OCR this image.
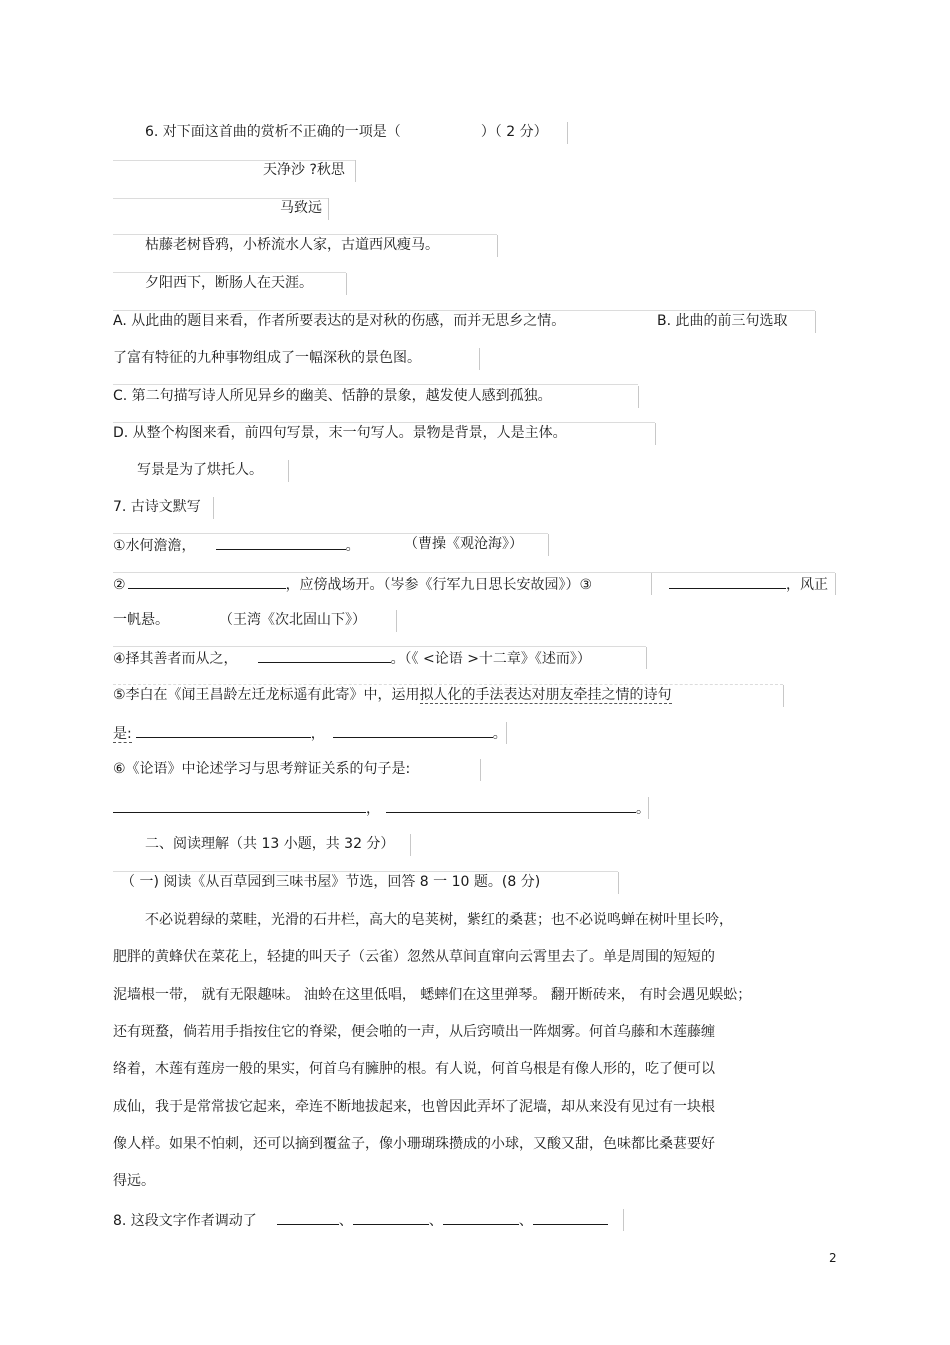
6. 对下面这首曲的赏析不正确的一项是（	）（ 2 分）
天净沙 ?秋思
马致远
枯藤老树昏鸦，小桥流水人家，古道西风瘦马。
夕阳西下，断肠人在天涯。
A. 从此曲的题目来看，作者所要表达的是对秋的伤感，而并无思乡之情。	B. 此曲的前三句选取
了富有特征的九种事物组成了一幅深秋的景色图。
C. 第二句描写诗人所见异乡的幽美、恬静的景象，越发使人感到孤独。
D. 从整个构图来看，前四句写景，末一句写人。景物是背景，人是主体。
写景是为了烘托人。
7. 古诗文默写
①水何澹澹，	。	（曹操《观沧海》）
②	，应傍战场开。（岑参《行军九日思长安故园》）③	，风正
一帆悬。	（王湾《次北固山下》）
④择其善者而从之，	。（《 <论语 >十二章》《述而》）
⑤李白在《闻王昌龄左迁龙标遥有此寄》中，运用拟人化的手法表达对朋友牵挂之情的诗句
是:	，	。
⑥《论语》中论述学习与思考辩证关系的句子是:
，	。
二、阅读理解（共 13 小题，共 32 分）
（ 一) 阅读《从百草园到三味书屋》节选，回答 8 一 10 题。(8 分)
不必说碧绿的菜畦，光滑的石井栏，高大的皂荚树，紫红的桑葚；也不必说鸣蝉在树叶里长吟，
肥胖的黄蜂伏在菜花上，轻捷的叫天子（云雀）忽然从草间直窜向云霄里去了。单是周围的短短的
泥墙根一带， 就有无限趣味。 油蛉在这里低唱， 蟋蟀们在这里弹琴。 翻开断砖来， 有时会遇见蜈蚣；
还有斑蝥，倘若用手指按住它的脊梁，便会啪的一声，从后窍喷出一阵烟雾。何首乌藤和木莲藤缠
络着，木莲有莲房一般的果实，何首乌有臃肿的根。有人说，何首乌根是有像人形的，吃了便可以
成仙，我于是常常拔它起来，牵连不断地拔起来，也曾因此弄坏了泥墙，却从来没有见过有一块根
像人样。如果不怕刺，还可以摘到覆盆子，像小珊瑚珠攒成的小球，又酸又甜，色味都比桑葚要好
得远。
8. 这段文字作者调动了	、	、	、
2
